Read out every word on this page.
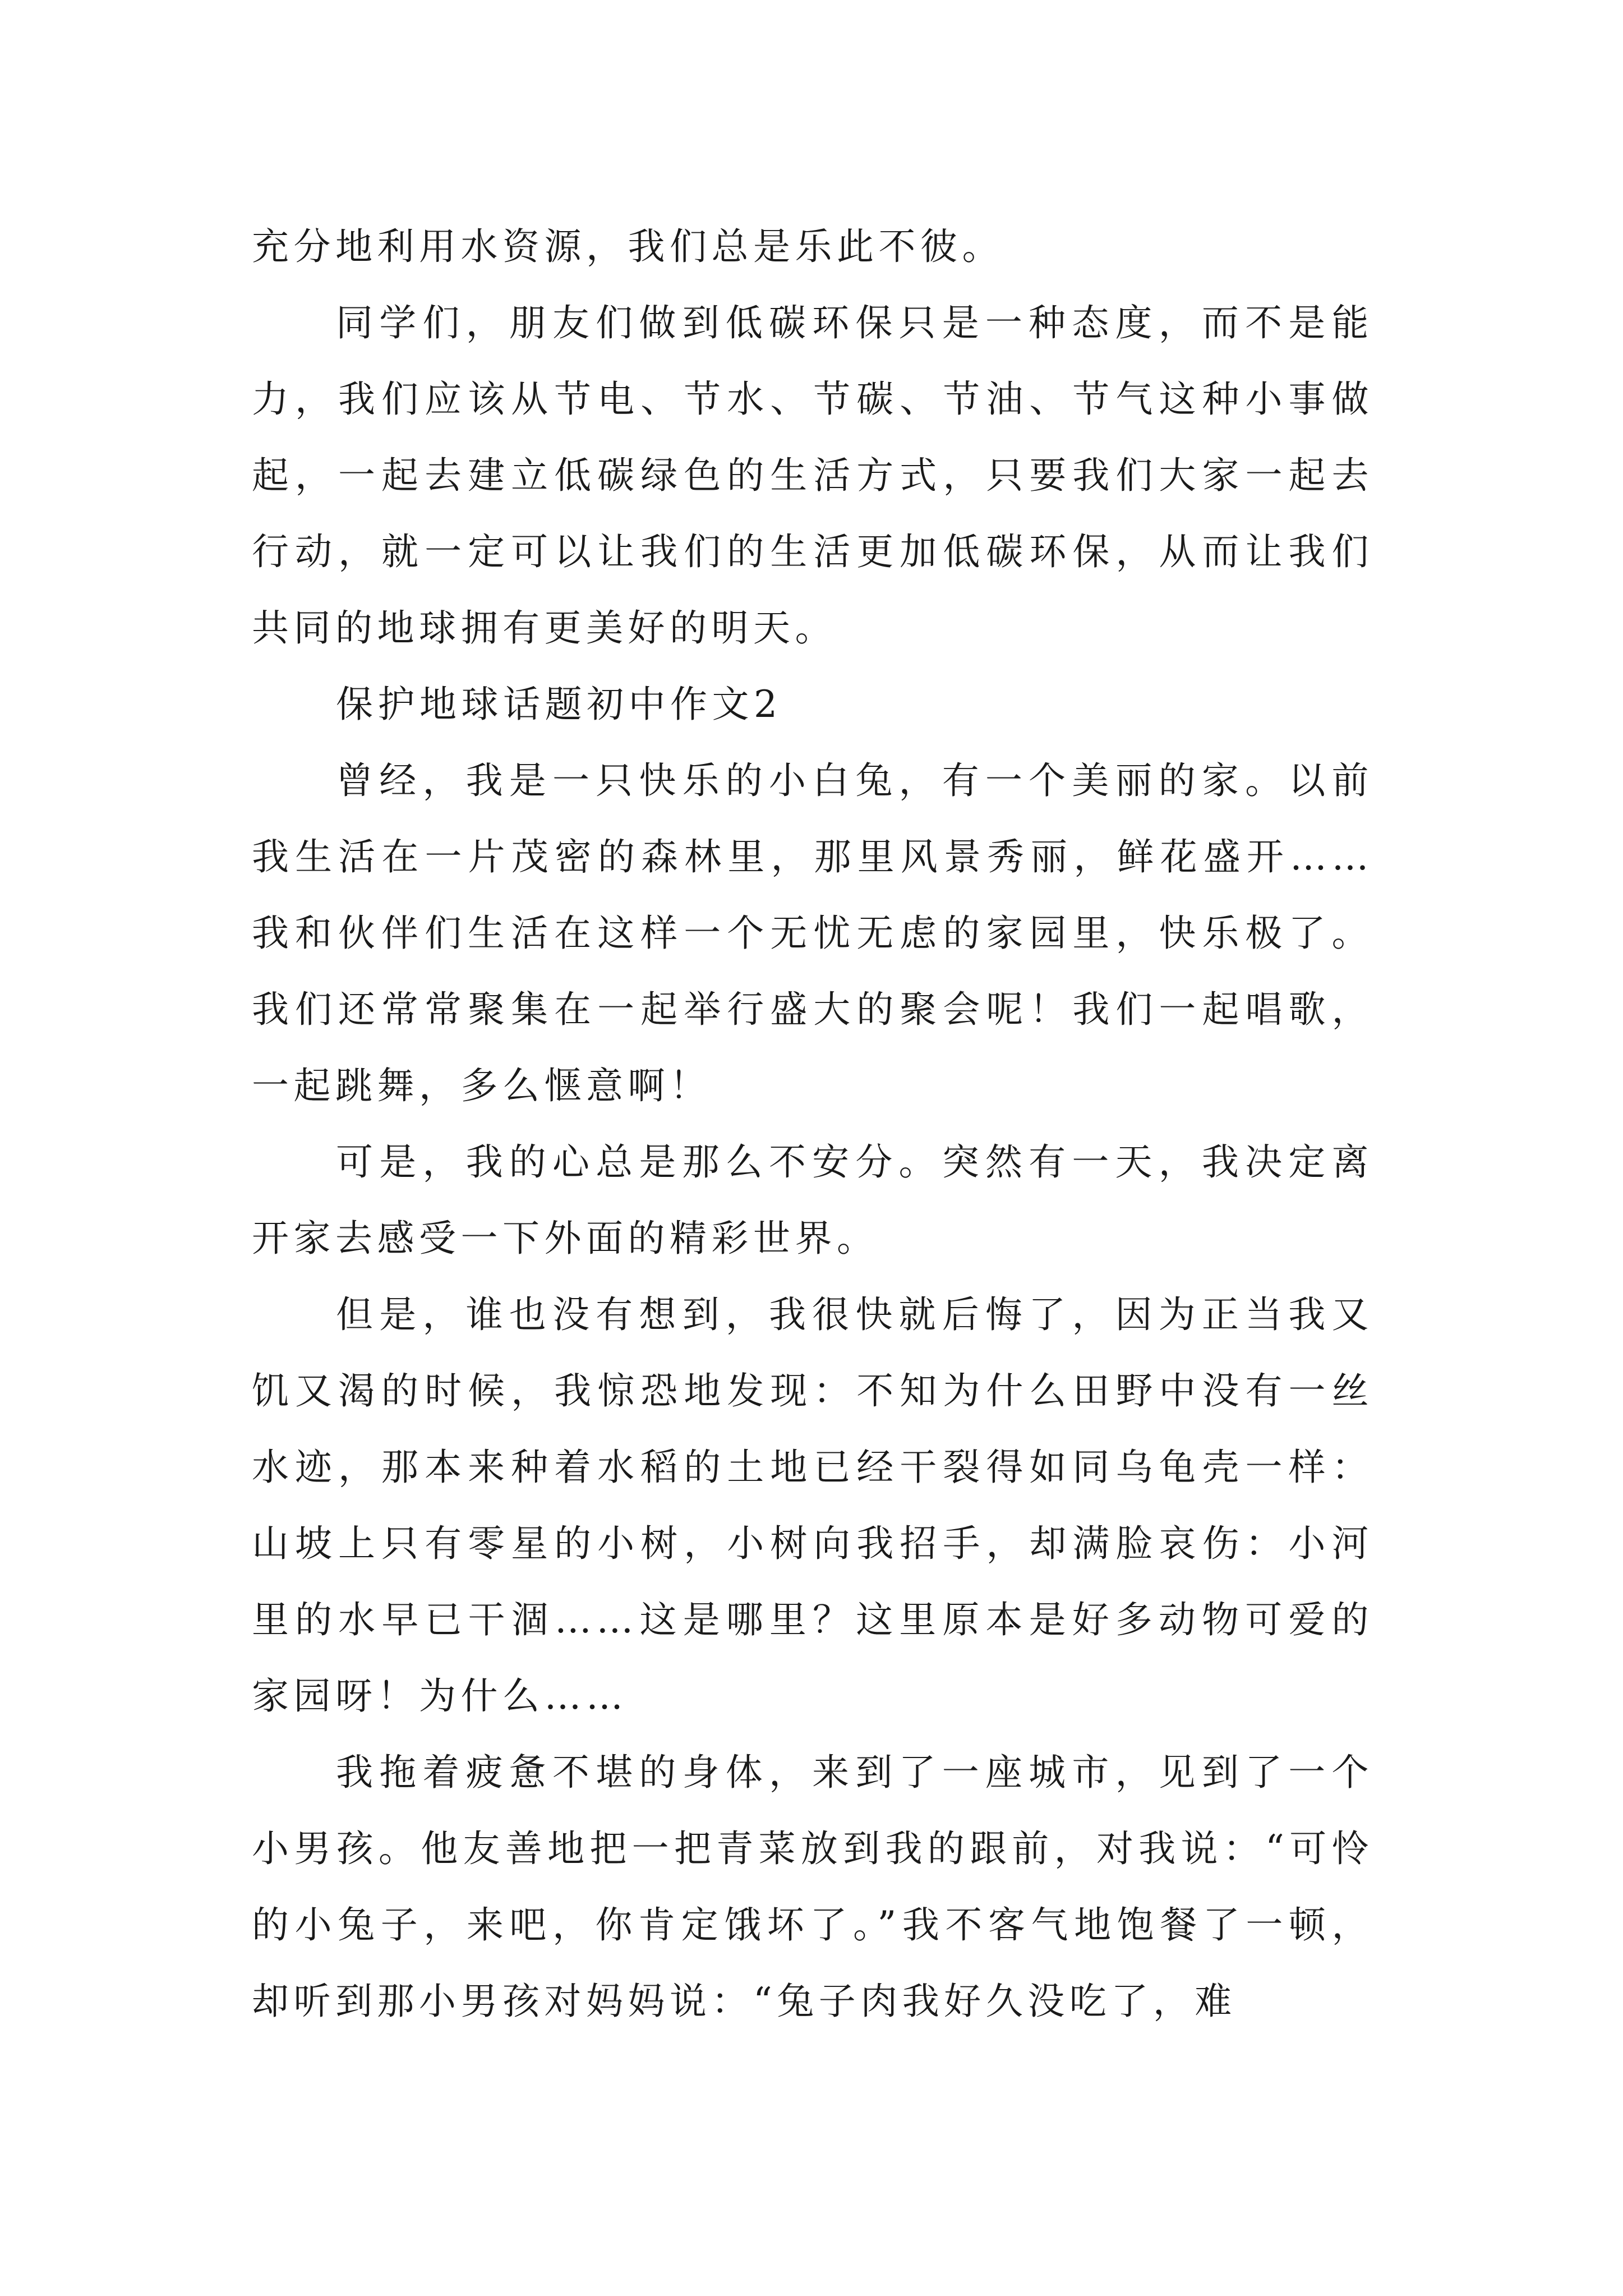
充分地利用水资源，我们总是乐此不彼。

同学们，朋友们做到低碳环保只是一种态度，而不是能力，我们应该从节电、节水、节碳、节油、节气这种小事做起，一起去建立低碳绿色的生活方式，只要我们大家一起去行动，就一定可以让我们的生活更加低碳环保，从而让我们共同的地球拥有更美好的明天。

保护地球话题初中作文2

曾经，我是一只快乐的小白兔，有一个美丽的家。以前我生活在一片茂密的森林里，那里风景秀丽，鲜花盛开……我和伙伴们生活在这样一个无忧无虑的家园里，快乐极了。我们还常常聚集在一起举行盛大的聚会呢！我们一起唱歌，一起跳舞，多么惬意啊！

可是，我的心总是那么不安分。突然有一天，我决定离开家去感受一下外面的精彩世界。

但是，谁也没有想到，我很快就后悔了，因为正当我又饥又渴的时候，我惊恐地发现：不知为什么田野中没有一丝水迹，那本来种着水稻的土地已经干裂得如同乌龟壳一样：山坡上只有零星的小树，小树向我招手，却满脸哀伤：小河里的水早已干涸……这是哪里？这里原本是好多动物可爱的家园呀！为什么……

我拖着疲惫不堪的身体，来到了一座城市，见到了一个小男孩。他友善地把一把青菜放到我的跟前，对我说：“可怜的小兔子，来吧，你肯定饿坏了。”我不客气地饱餐了一顿，却听到那小男孩对妈妈说：“兔子肉我好久没吃了，难
